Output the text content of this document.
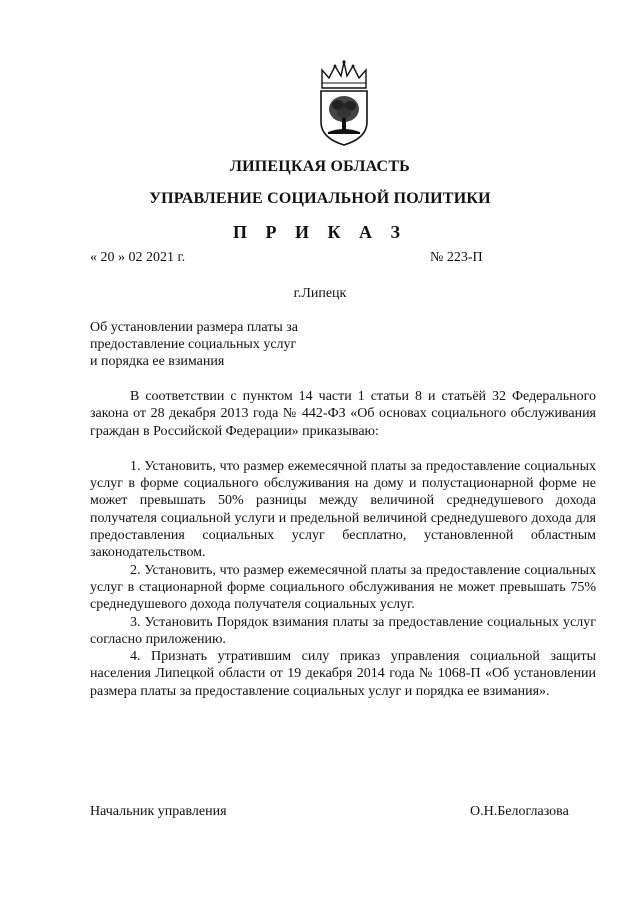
ЛИПЕЦКАЯ ОБЛАСТЬ
УПРАВЛЕНИЕ СОЦИАЛЬНОЙ ПОЛИТИКИ
П Р И К А З
« 20 » 02 2021 г.	№ 223-П
г.Липецк
Об установлении размера платы за
предоставление социальных услуг
и порядка ее взимания

В соответствии с пунктом 14 части 1 статьи 8 и статьёй 32 Федерального закона от 28 декабря 2013 года № 442-ФЗ «Об основах социального обслуживания граждан в Российской Федерации» приказываю:

1. Установить, что размер ежемесячной платы за предоставление социальных услуг в форме социального обслуживания на дому и полустационарной форме не может превышать 50% разницы между величиной среднедушевого дохода получателя социальной услуги и предельной величиной среднедушевого дохода для предоставления социальных услуг бесплатно, установленной областным законодательством.

2. Установить, что размер ежемесячной платы за предоставление социальных услуг в стационарной форме социального обслуживания не может превышать 75% среднедушевого дохода получателя социальных услуг.

3. Установить Порядок взимания платы за предоставление социальных услуг согласно приложению.

4. Признать утратившим силу приказ управления социальной защиты населения Липецкой области от 19 декабря 2014 года № 1068-П «Об установлении размера платы за предоставление социальных услуг и порядка ее взимания».

Начальник управления	О.Н.Белоглазова
